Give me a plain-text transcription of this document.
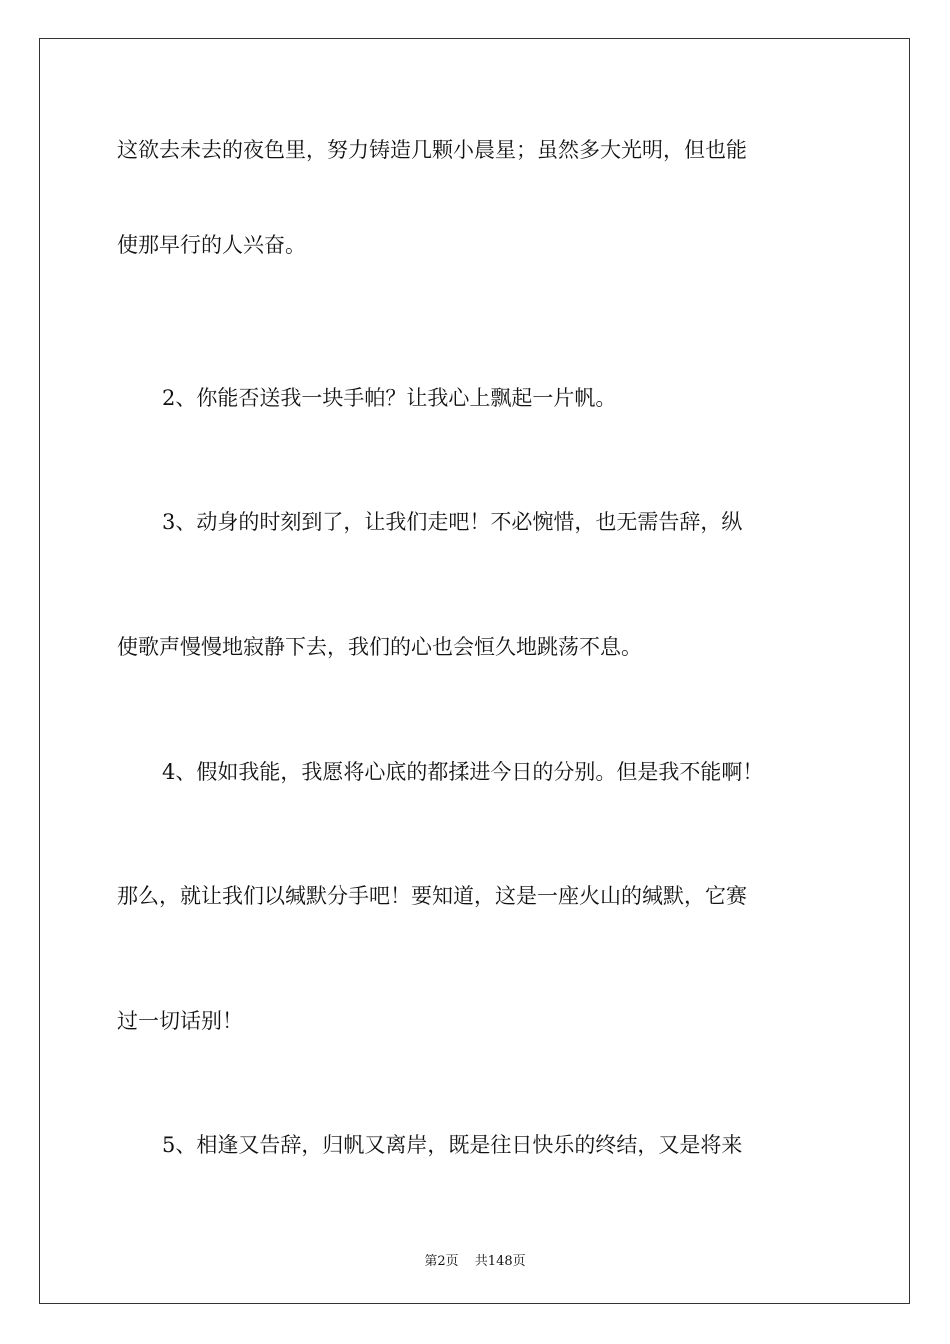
这欲去未去的夜色里，努力铸造几颗小晨星；虽然多大光明，但也能
使那早行的人兴奋。
2、你能否送我一块手帕？让我心上飘起一片帆。
3、动身的时刻到了，让我们走吧！不必惋惜，也无需告辞，纵
使歌声慢慢地寂静下去，我们的心也会恒久地跳荡不息。
4、假如我能，我愿将心底的都揉进今日的分别。但是我不能啊！
那么，就让我们以缄默分手吧！要知道，这是一座火山的缄默，它赛
过一切话别！
5、相逢又告辞，归帆又离岸，既是往日快乐的终结，又是将来
第2页 共148页
